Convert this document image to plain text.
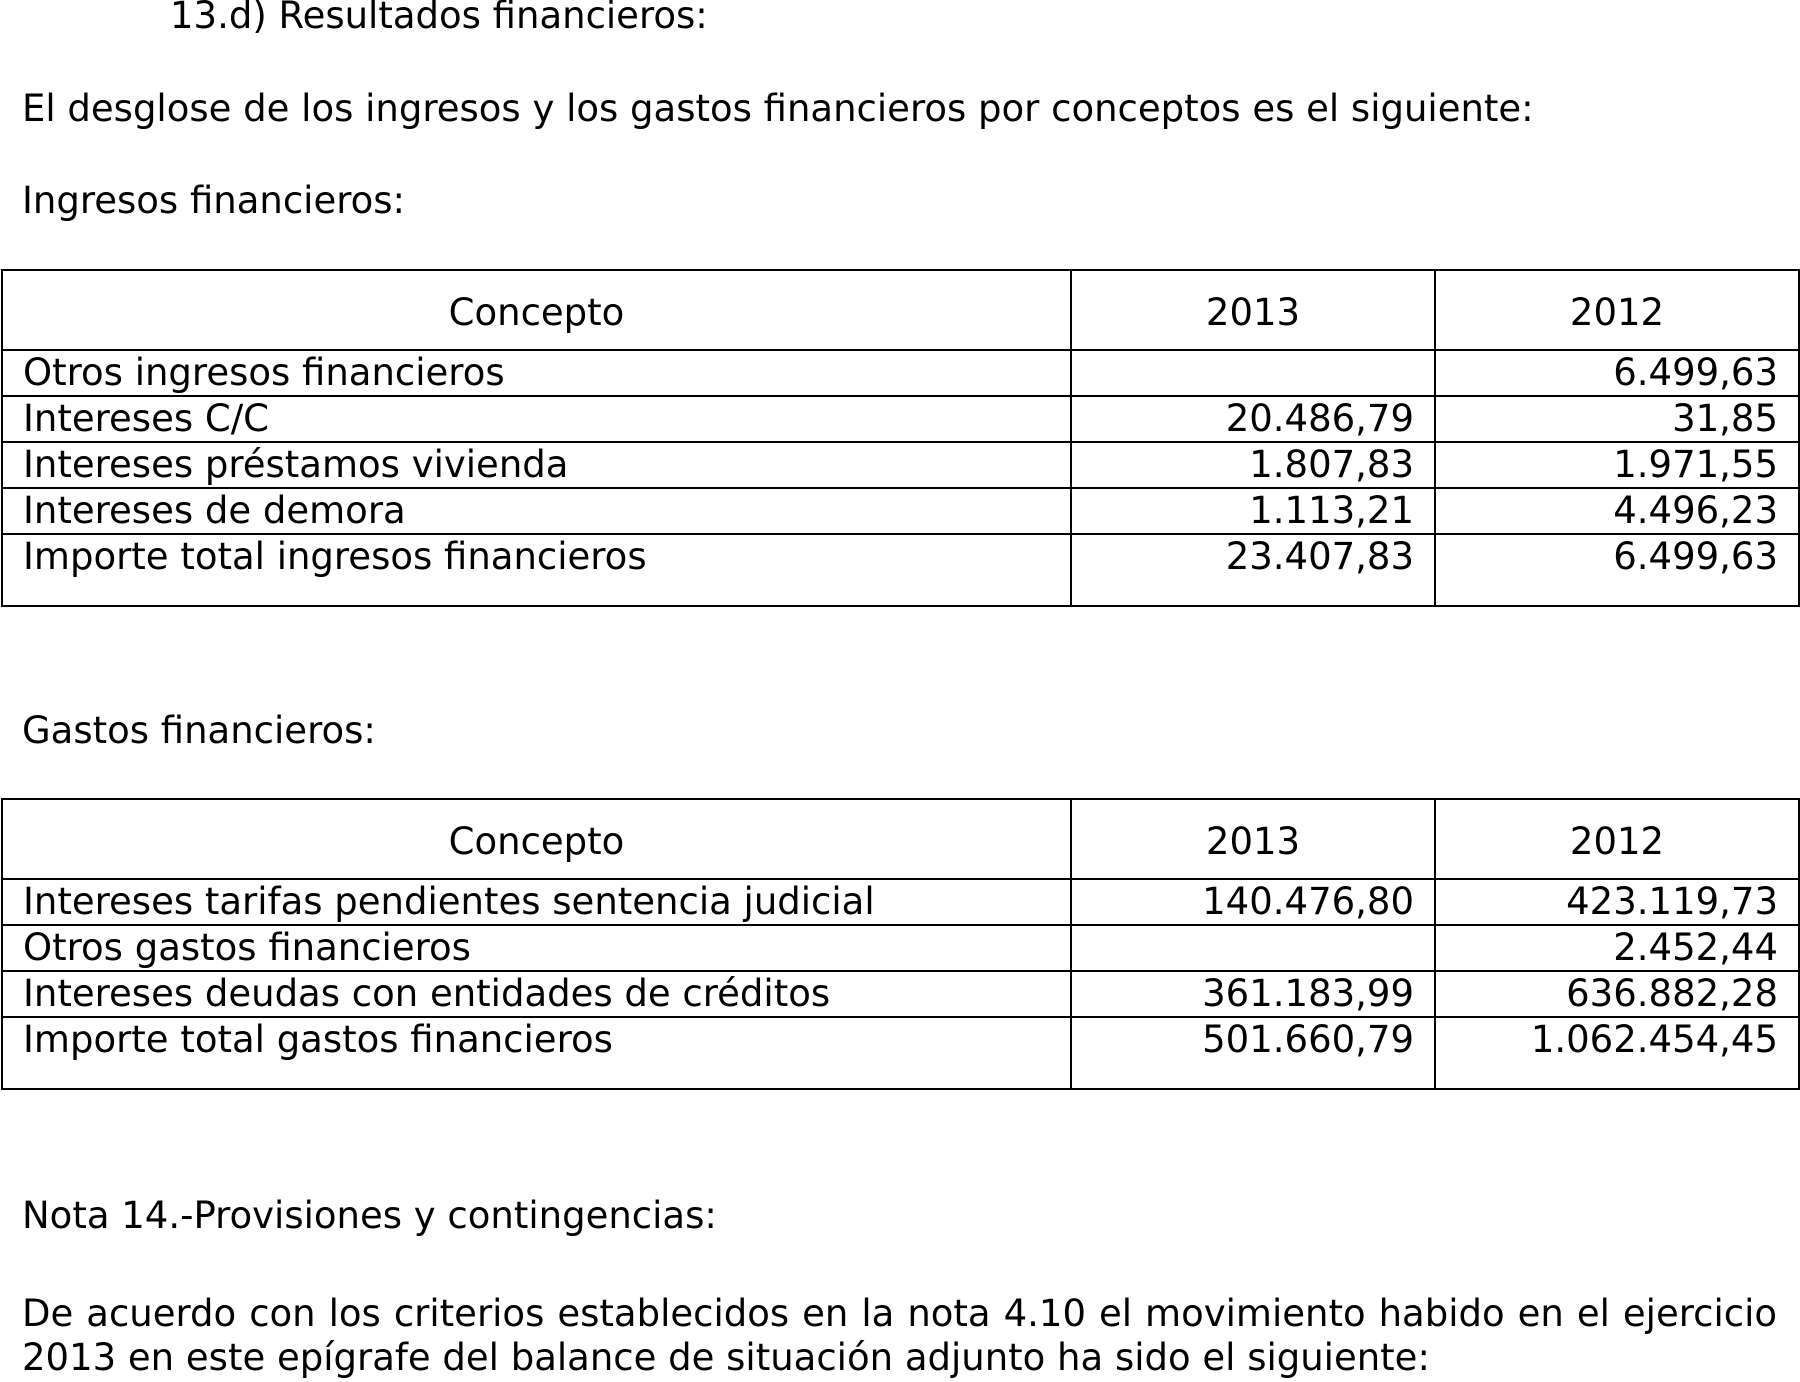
13.d) Resultados financieros:

El desglose de los ingresos y los gastos financieros por conceptos es el siguiente:

Ingresos financieros:

Concepto	2013	2012
Otros ingresos financieros		6.499,63
Intereses C/C	20.486,79	31,85
Intereses préstamos vivienda	1.807,83	1.971,55
Intereses de demora	1.113,21	4.496,23
Importe total ingresos financieros	23.407,83	6.499,63

Gastos financieros:

Concepto	2013	2012
Intereses tarifas pendientes sentencia judicial	140.476,80	423.119,73
Otros gastos financieros		2.452,44
Intereses deudas con entidades de créditos	361.183,99	636.882,28
Importe total gastos financieros	501.660,79	1.062.454,45
Nota 14.-Provisiones y contingencias:

De acuerdo con los criterios establecidos en la nota 4.10 el movimiento habido en el ejercicio 2013 en este epígrafe del balance de situación adjunto ha sido el siguiente:
